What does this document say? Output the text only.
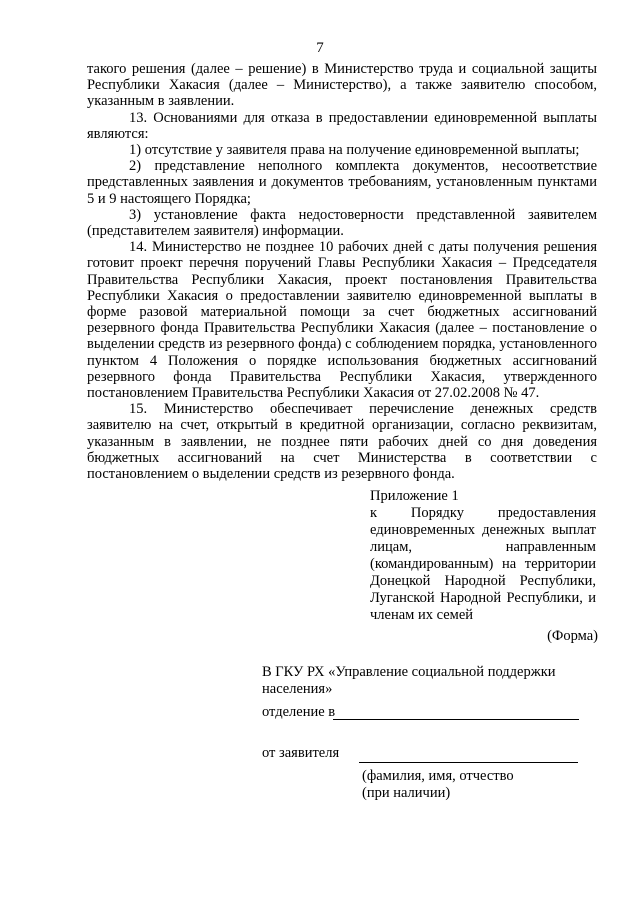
7

такого решения (далее – решение) в Министерство труда и социальной защиты Республики Хакасия (далее – Министерство), а также заявителю способом, указанным в заявлении.

13. Основаниями для отказа в предоставлении единовременной выплаты являются:

1) отсутствие у заявителя права на получение единовременной выплаты;

2) представление неполного комплекта документов, несоответствие представленных заявления и документов требованиям, установленным пунктами 5 и 9 настоящего Порядка;

3) установление факта недостоверности представленной заявителем (представителем заявителя) информации.

14. Министерство не позднее 10 рабочих дней с даты получения решения готовит проект перечня поручений Главы Республики Хакасия – Председателя Правительства Республики Хакасия, проект постановления Правительства Республики Хакасия о предоставлении заявителю единовременной выплаты в форме разовой материальной помощи за счет бюджетных ассигнований резервного фонда Правительства Республики Хакасия (далее – постановление о выделении средств из резервного фонда) с соблюдением порядка, установленного пунктом 4 Положения о порядке использования бюджетных ассигнований резервного фонда Правительства Республики Хакасия, утвержденного постановлением Правительства Республики Хакасия от 27.02.2008 № 47.

15. Министерство обеспечивает перечисление денежных средств заявителю на счет, открытый в кредитной организации, согласно реквизитам, указанным в заявлении, не позднее пяти рабочих дней со дня доведения бюджетных ассигнований на счет Министерства в соответствии с постановлением о выделении средств из резервного фонда.

Приложение 1

к Порядку предоставления

единовременных денежных выплат

лицам, направленным

(командированным) на территории

Донецкой Народной Республики,

Луганской Народной Республики, и

членам их семей

(Форма)
В ГКУ РХ «Управление социальной поддержки населения»
отделение в
от заявителя
(фамилия, имя, отчество
(при наличии)
